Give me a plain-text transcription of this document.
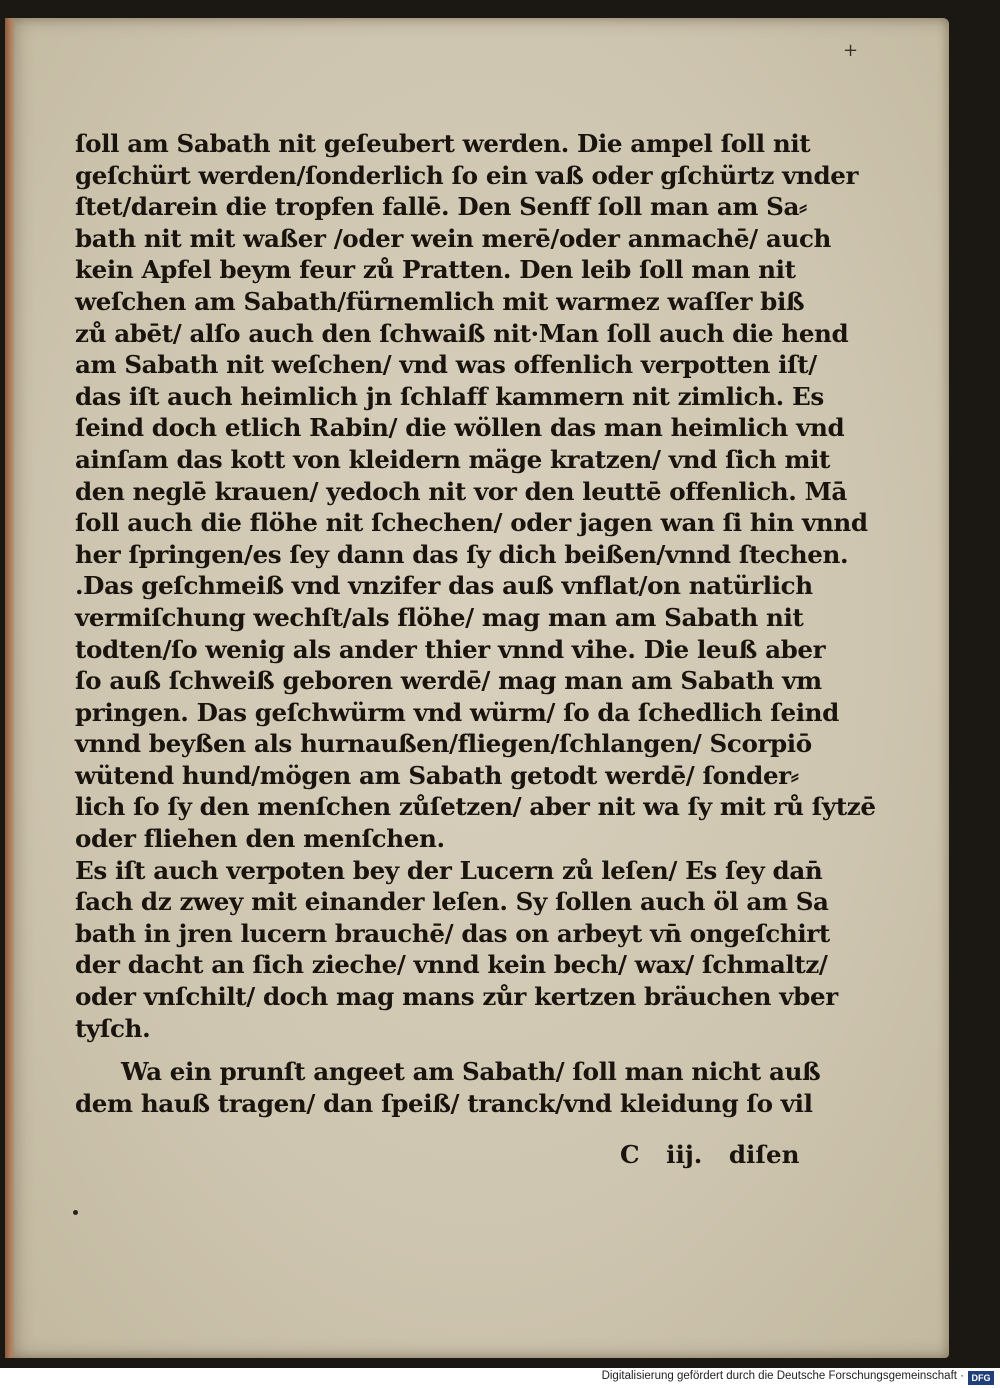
+
ſoll am Sabath nit geſeubert werden. Die ampel ſoll nit
geſchürt werden/ſonderlich ſo ein vaß oder gſchürtz vnder
ſtet/darein die tropfen fallē. Den Senff ſoll man am Sa⸗
bath nit mit waßer /oder wein merē/oder anmachē/ auch
kein Apfel beym feur zů Pratten. Den leib ſoll man nit
weſchen am Sabath/fürnemlich mit warmez waſſer biß
zů abēt/ alſo auch den ſchwaiß nit·Man ſoll auch die hend
am Sabath nit weſchen/ vnd was offenlich verpotten iſt/
das iſt auch heimlich jn ſchlaff kammern nit zimlich. Es
ſeind doch etlich Rabin/ die wöllen das man heimlich vnd
ainſam das kott von kleidern mäge kratzen/ vnd ſich mit
den neglē krauen/ yedoch nit vor den leuttē offenlich. Mā
ſoll auch die flöhe nit ſchechen/ oder jagen wan ſi hin vnnd
her ſpringen/es ſey dann das ſy dich beißen/vnnd ſtechen.
.Das geſchmeiß vnd vnzifer das auß vnflat/on natürlich
vermiſchung wechſt/als flöhe/ mag man am Sabath nit
todten/ſo wenig als ander thier vnnd vihe. Die leuß aber
ſo auß ſchweiß geboren werdē/ mag man am Sabath vm
pringen. Das geſchwürm vnd würm/ ſo da ſchedlich ſeind
vnnd beyßen als hurnaußen/fliegen/ſchlangen/ Scorpiō
wütend hund/mögen am Sabath getodt werdē/ ſonder⸗
lich ſo ſy den menſchen zůſetzen/ aber nit wa ſy mit rů ſytzē
oder fliehen den menſchen.
Es iſt auch verpoten bey der Lucern zů leſen/ Es ſey dan̄
ſach dz zwey mit einander leſen. Sy ſollen auch öl am Sa
bath in jren lucern brauchē/ das on arbeyt vn̄ ongeſchirt
der dacht an ſich zieche/ vnnd kein bech/ wax/ ſchmaltz/
oder vnſchilt/ doch mag mans zůr kertzen bräuchen vber
tyſch.
Wa ein prunſt angeet am Sabath/ ſoll man nicht auß
dem hauß tragen/ dan ſpeiß/ tranck/vnd kleidung ſo vil
C iij. diſen
Digitalisierung gefördert durch die Deutsche Forschungsgemeinschaft · DFG
